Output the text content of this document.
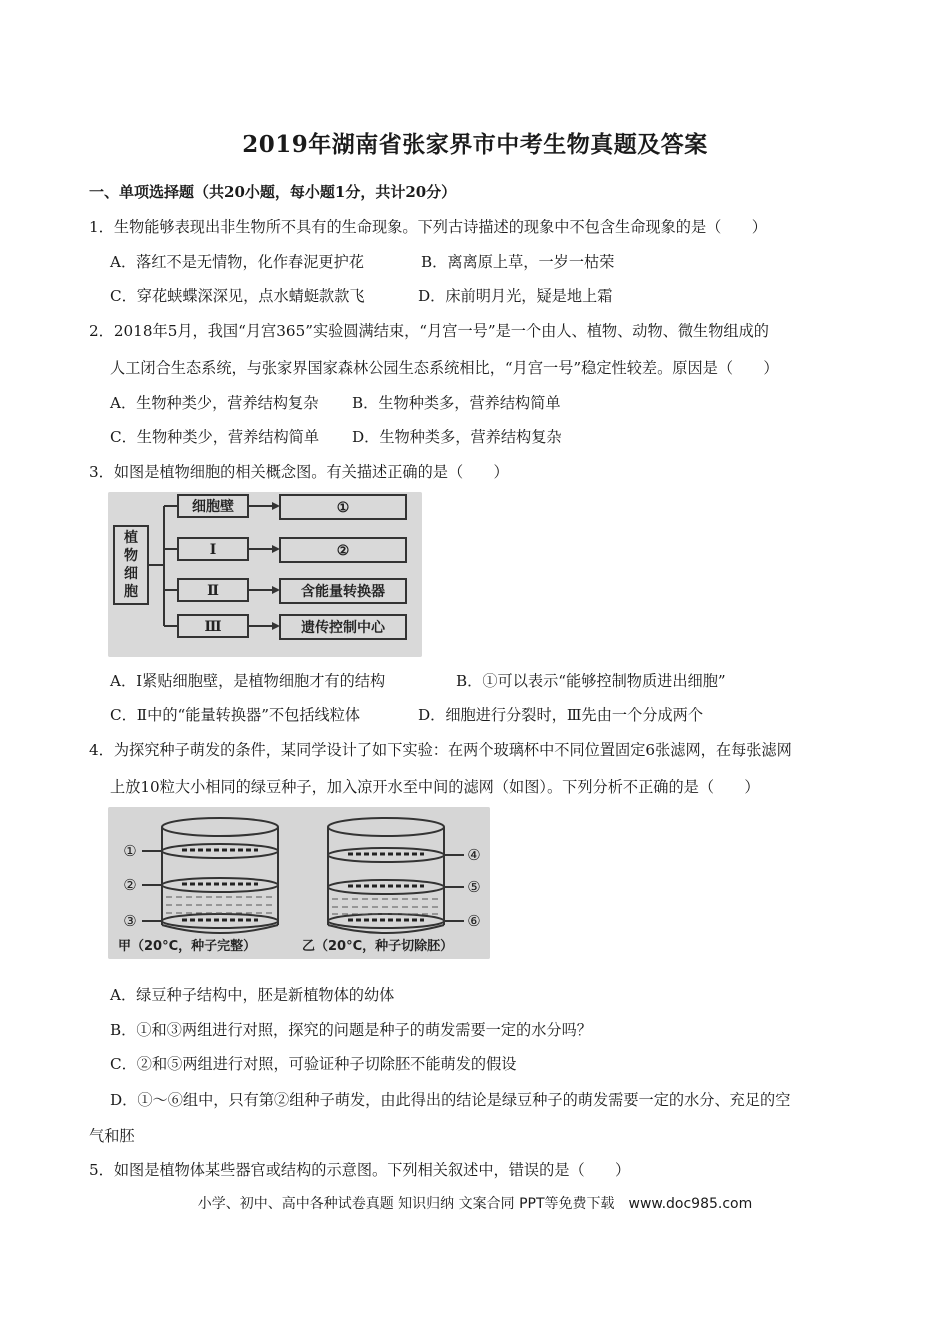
2019年湖南省张家界市中考生物真题及答案
一、单项选择题（共20小题，每小题1分，共计20分）
1．生物能够表现出非生物所不具有的生命现象。下列古诗描述的现象中不包含生命现象的是（　　）
A．落红不是无情物，化作春泥更护花	B．离离原上草，一岁一枯荣
C．穿花蛱蝶深深见，点水蜻蜓款款飞	D．床前明月光，疑是地上霜
2．2018年5月，我国“月宫365”实验圆满结束，“月宫一号”是一个由人、植物、动物、微生物组成的
人工闭合生态系统，与张家界国家森林公园生态系统相比，“月宫一号”稳定性较差。原因是（　　）
A．生物种类少，营养结构复杂 B．生物种类多，营养结构简单
C．生物种类少，营养结构简单 D．生物种类多，营养结构复杂
3．如图是植物细胞的相关概念图。有关描述正确的是（　　）
植
物
细
胞
细胞壁
Ⅰ
Ⅱ
Ⅲ
①
②
含能量转换器
遗传控制中心
A．Ⅰ紧贴细胞壁，是植物细胞才有的结构	B．①可以表示“能够控制物质进出细胞”
C．Ⅱ中的“能量转换器”不包括线粒体	D．细胞进行分裂时，Ⅲ先由一个分成两个
4．为探究种子萌发的条件，某同学设计了如下实验：在两个玻璃杯中不同位置固定6张滤网，在每张滤网
上放10粒大小相同的绿豆种子，加入凉开水至中间的滤网（如图）。下列分析不正确的是（　　）
①
②
③
④
⑤
⑥
甲（20°C，种子完整）	乙（20°C，种子切除胚）
A．绿豆种子结构中，胚是新植物体的幼体
B．①和③两组进行对照，探究的问题是种子的萌发需要一定的水分吗？
C．②和⑤两组进行对照，可验证种子切除胚不能萌发的假设
D．①～⑥组中，只有第②组种子萌发，由此得出的结论是绿豆种子的萌发需要一定的水分、充足的空
气和胚
5．如图是植物体某些器官或结构的示意图。下列相关叙述中，错误的是（　　）
小学、初中、高中各种试卷真题 知识归纳 文案合同 PPT等免费下载　www.doc985.com
